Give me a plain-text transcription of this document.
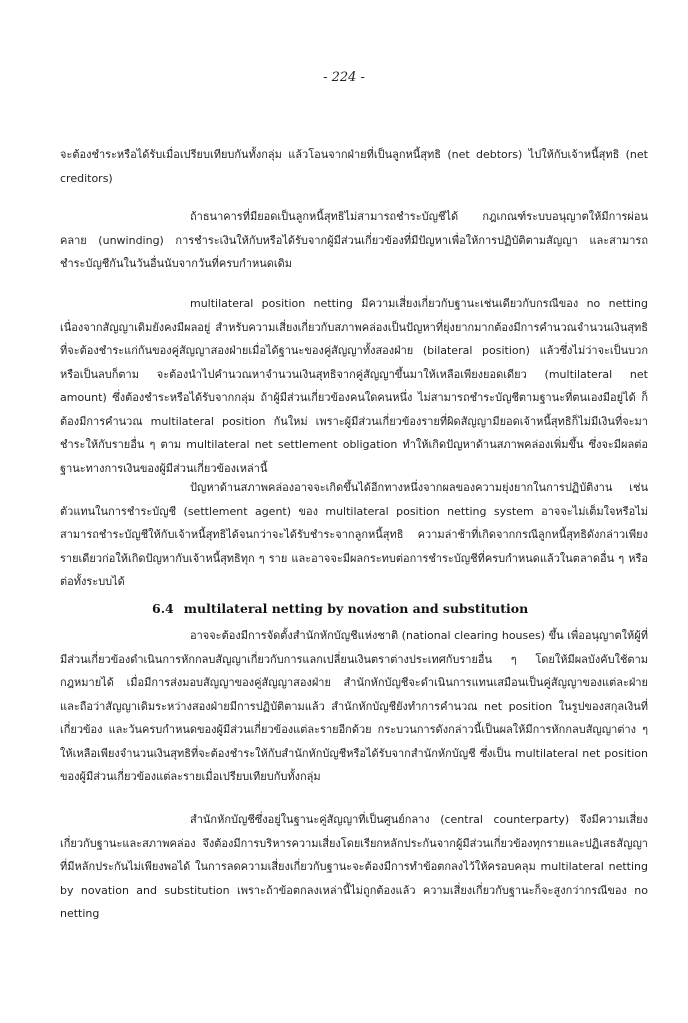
- 224 -

จะต้องชำระหรือได้รับเมื่อเปรียบเทียบกันทั้งกลุ่ม แล้วโอนจากฝ่ายที่เป็นลูกหนี้สุทธิ (net debtors) ไปให้กับเจ้าหนี้สุทธิ (net creditors)

ถ้าธนาคารที่มียอดเป็นลูกหนี้สุทธิไม่สามารถชำระบัญชีได้ กฎเกณฑ์ระบบอนุญาตให้มีการผ่อนคลาย (unwinding) การชำระเงินให้กับหรือได้รับจากผู้มีส่วนเกี่ยวข้องที่มีปัญหาเพื่อให้การปฏิบัติตามสัญญา และสามารถชำระบัญชีกันในวันอื่นนับจากวันที่ครบกำหนดเดิม

multilateral position netting มีความเสี่ยงเกี่ยวกับฐานะเช่นเดียวกับกรณีของ no netting เนื่องจากสัญญาเดิมยังคงมีผลอยู่ สำหรับความเสี่ยงเกี่ยวกับสภาพคล่องเป็นปัญหาที่ยุ่งยากมากต้องมีการคำนวณจำนวนเงินสุทธิที่จะต้องชำระแก่กันของคู่สัญญาสองฝ่ายเมื่อได้ฐานะของคู่สัญญาทั้งสองฝ่าย (bilateral position) แล้วซึ่งไม่ว่าจะเป็นบวกหรือเป็นลบก็ตาม จะต้องนำไปคำนวณหาจำนวนเงินสุทธิจากคู่สัญญาขึ้นมาให้เหลือเพียงยอดเดียว (multilateral net amount) ซึ่งต้องชำระหรือได้รับจากกลุ่ม ถ้าผู้มีส่วนเกี่ยวข้องคนใดคนหนึ่ง ไม่สามารถชำระบัญชีตามฐานะที่ตนเองมีอยู่ได้ ก็ต้องมีการคำนวณ multilateral position กันใหม่ เพราะผู้มีส่วนเกี่ยวข้องรายที่ผิดสัญญามียอดเจ้าหนี้สุทธิก็ไม่มีเงินที่จะมาชำระให้กับรายอื่น ๆ ตาม multilateral net settlement obligation ทำให้เกิดปัญหาด้านสภาพคล่องเพิ่มขึ้น ซึ่งจะมีผลต่อฐานะทางการเงินของผู้มีส่วนเกี่ยวข้องเหล่านี้

ปัญหาด้านสภาพคล่องอาจจะเกิดขึ้นได้อีกทางหนึ่งจากผลของความยุ่งยากในการปฏิบัติงาน เช่น ตัวแทนในการชำระบัญชี (settlement agent) ของ multilateral position netting system อาจจะไม่เต็มใจหรือไม่สามารถชำระบัญชีให้กับเจ้าหนี้สุทธิได้จนกว่าจะได้รับชำระจากลูกหนี้สุทธิ ความล่าช้าที่เกิดจากกรณีลูกหนี้สุทธิดังกล่าวเพียงรายเดียวก่อให้เกิดปัญหากับเจ้าหนี้สุทธิทุก ๆ ราย และอาจจะมีผลกระทบต่อการชำระบัญชีที่ครบกำหนดแล้วในตลาดอื่น ๆ หรือต่อทั้งระบบได้

6.4 multilateral netting by novation and substitution

อาจจะต้องมีการจัดตั้งสำนักหักบัญชีแห่งชาติ (national clearing houses) ขึ้น เพื่ออนุญาตให้ผู้ที่มีส่วนเกี่ยวข้องดำเนินการหักกลบสัญญาเกี่ยวกับการแลกเปลี่ยนเงินตราต่างประเทศกับรายอื่น ๆ โดยให้มีผลบังคับใช้ตามกฎหมายได้ เมื่อมีการส่งมอบสัญญาของคู่สัญญาสองฝ่าย สำนักหักบัญชีจะดำเนินการแทนเสมือนเป็นคู่สัญญาของแต่ละฝ่าย และถือว่าสัญญาเดิมระหว่างสองฝ่ายมีการปฏิบัติตามแล้ว สำนักหักบัญชียังทำการคำนวณ net position ในรูปของสกุลเงินที่เกี่ยวข้อง และวันครบกำหนดของผู้มีส่วนเกี่ยวข้องแต่ละรายอีกด้วย กระบวนการดังกล่าวนี้เป็นผลให้มีการหักกลบสัญญาต่าง ๆ ให้เหลือเพียงจำนวนเงินสุทธิที่จะต้องชำระให้กับสำนักหักบัญชีหรือได้รับจากสำนักหักบัญชี ซึ่งเป็น multilateral net position ของผู้มีส่วนเกี่ยวข้องแต่ละรายเมื่อเปรียบเทียบกับทั้งกลุ่ม

สำนักหักบัญชีซึ่งอยู่ในฐานะคู่สัญญาที่เป็นศูนย์กลาง (central counterparty) จึงมีความเสี่ยงเกี่ยวกับฐานะและสภาพคล่อง จึงต้องมีการบริหารความเสี่ยงโดยเรียกหลักประกันจากผู้มีส่วนเกี่ยวข้องทุกรายและปฏิเสธสัญญาที่มีหลักประกันไม่เพียงพอได้ ในการลดความเสี่ยงเกี่ยวกับฐานะจะต้องมีการทำข้อตกลงไว้ให้ครอบคลุม multilateral netting by novation and substitution เพราะถ้าข้อตกลงเหล่านี้ไม่ถูกต้องแล้ว ความเสี่ยงเกี่ยวกับฐานะก็จะสูงกว่ากรณีของ no netting
